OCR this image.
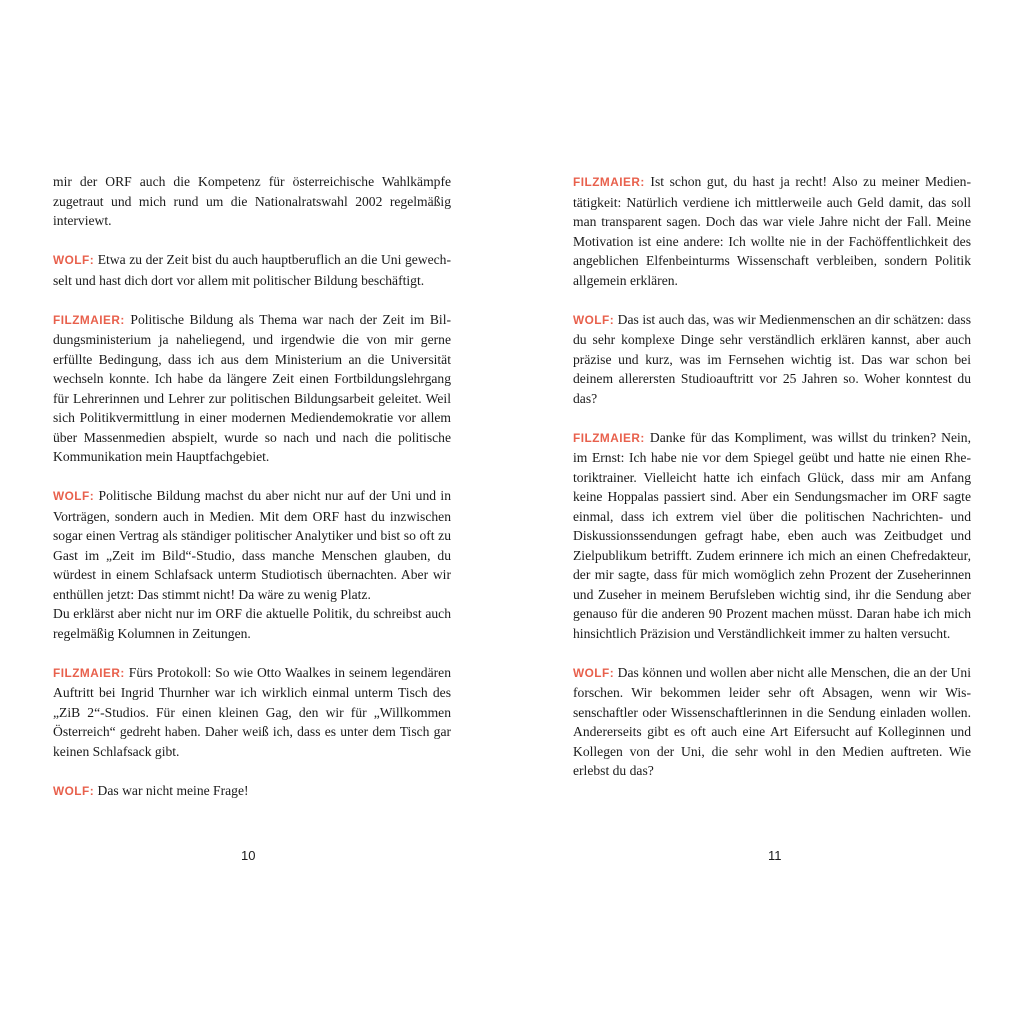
mir der ORF auch die Kompetenz für österreichische Wahlkämpfe zugetraut und mich rund um die Nationalratswahl 2002 regelmäßig interviewt.

WOLF: Etwa zu der Zeit bist du auch hauptberuflich an die Uni gewechselt und hast dich dort vor allem mit politischer Bildung beschäftigt.

FILZMAIER: Politische Bildung als Thema war nach der Zeit im Bildungsministerium ja naheliegend, und irgendwie die von mir gerne erfüllte Bedingung, dass ich aus dem Ministerium an die Universität wechseln konnte. Ich habe da längere Zeit einen Fortbildungslehrgang für Lehrerinnen und Lehrer zur politischen Bildungsarbeit geleitet. Weil sich Politikvermittlung in einer modernen Mediendemokratie vor allem über Massenmedien abspielt, wurde so nach und nach die politische Kommunikation mein Hauptfachgebiet.

WOLF: Politische Bildung machst du aber nicht nur auf der Uni und in Vorträgen, sondern auch in Medien. Mit dem ORF hast du inzwischen sogar einen Vertrag als ständiger politischer Analytiker und bist so oft zu Gast im „Zeit im Bild“-Studio, dass manche Menschen glauben, du würdest in einem Schlafsack unterm Studiotisch übernachten. Aber wir enthüllen jetzt: Das stimmt nicht! Da wäre zu wenig Platz.

Du erklärst aber nicht nur im ORF die aktuelle Politik, du schreibst auch regelmäßig Kolumnen in Zeitungen.

FILZMAIER: Fürs Protokoll: So wie Otto Waalkes in seinem legendären Auftritt bei Ingrid Thurnher war ich wirklich einmal unterm Tisch des „ZiB 2“-Studios. Für einen kleinen Gag, den wir für „Willkommen Österreich“ gedreht haben. Daher weiß ich, dass es unter dem Tisch gar keinen Schlafsack gibt.

WOLF: Das war nicht meine Frage!

FILZMAIER: Ist schon gut, du hast ja recht! Also zu meiner Medientätigkeit: Natürlich verdiene ich mittlerweile auch Geld damit, das soll man transparent sagen. Doch das war viele Jahre nicht der Fall. Meine Motivation ist eine andere: Ich wollte nie in der Fachöffentlichkeit des angeblichen Elfenbeinturms Wissenschaft verbleiben, sondern Politik allgemein erklären.

WOLF: Das ist auch das, was wir Medienmenschen an dir schätzen: dass du sehr komplexe Dinge sehr verständlich erklären kannst, aber auch präzise und kurz, was im Fernsehen wichtig ist. Das war schon bei deinem allerersten Studioauftritt vor 25 Jahren so. Woher konntest du das?

FILZMAIER: Danke für das Kompliment, was willst du trinken? Nein, im Ernst: Ich habe nie vor dem Spiegel geübt und hatte nie einen Rhetoriktrainer. Vielleicht hatte ich einfach Glück, dass mir am Anfang keine Hoppalas passiert sind. Aber ein Sendungsmacher im ORF sagte einmal, dass ich extrem viel über die politischen Nachrichten- und Diskussionssendungen gefragt habe, eben auch was Zeitbudget und Zielpublikum betrifft. Zudem erinnere ich mich an einen Chefredakteur, der mir sagte, dass für mich womöglich zehn Prozent der Zuseherinnen und Zuseher in meinem Berufsleben wichtig sind, ihr die Sendung aber genauso für die anderen 90 Prozent machen müsst. Daran habe ich mich hinsichtlich Präzision und Verständlichkeit immer zu halten versucht.

WOLF: Das können und wollen aber nicht alle Menschen, die an der Uni forschen. Wir bekommen leider sehr oft Absagen, wenn wir Wissenschaftler oder Wissenschaftlerinnen in die Sendung einladen wollen. Andererseits gibt es oft auch eine Art Eifersucht auf Kolleginnen und Kollegen von der Uni, die sehr wohl in den Medien auftreten. Wie erlebst du das?

10	11
